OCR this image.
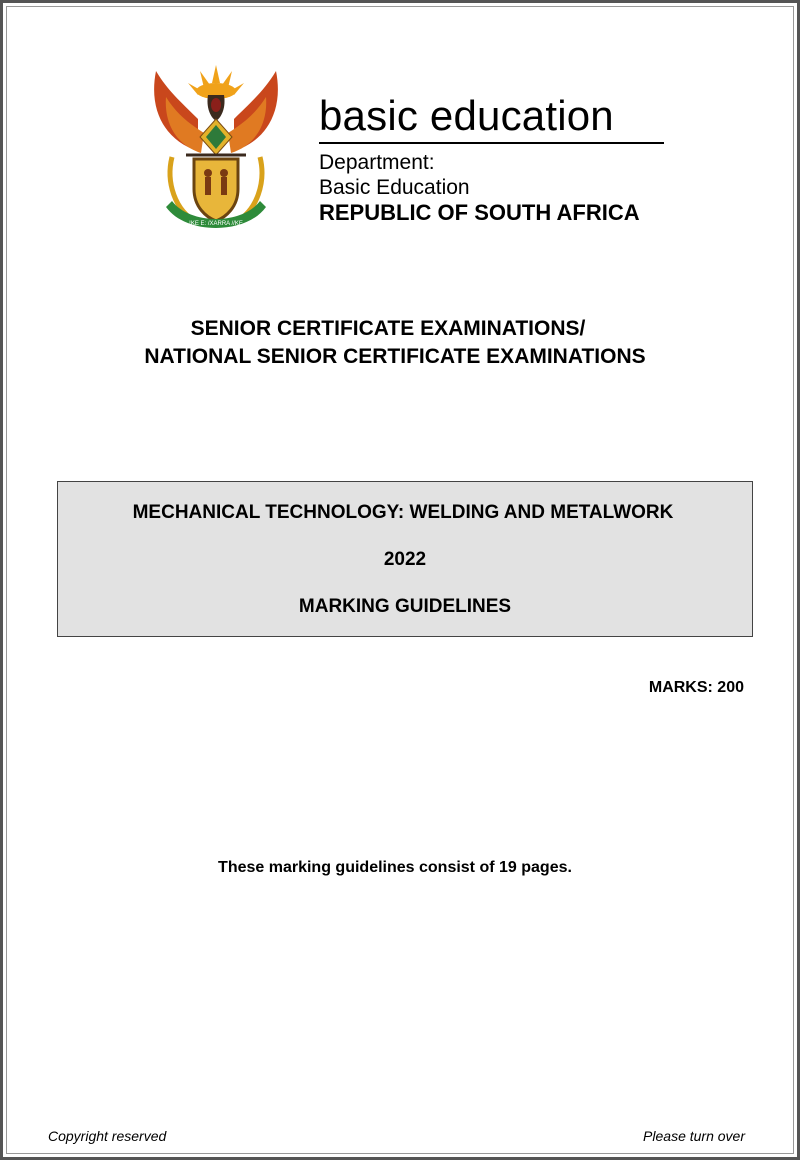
!KE E: /XARRA //KE
basic education
Department:
Basic Education
REPUBLIC OF SOUTH AFRICA
SENIOR CERTIFICATE EXAMINATIONS/
NATIONAL SENIOR CERTIFICATE EXAMINATIONS
MECHANICAL TECHNOLOGY: WELDING AND METALWORK
2022
MARKING GUIDELINES
MARKS: 200
These marking guidelines consist of 19 pages.
Copyright reserved	Please turn over
